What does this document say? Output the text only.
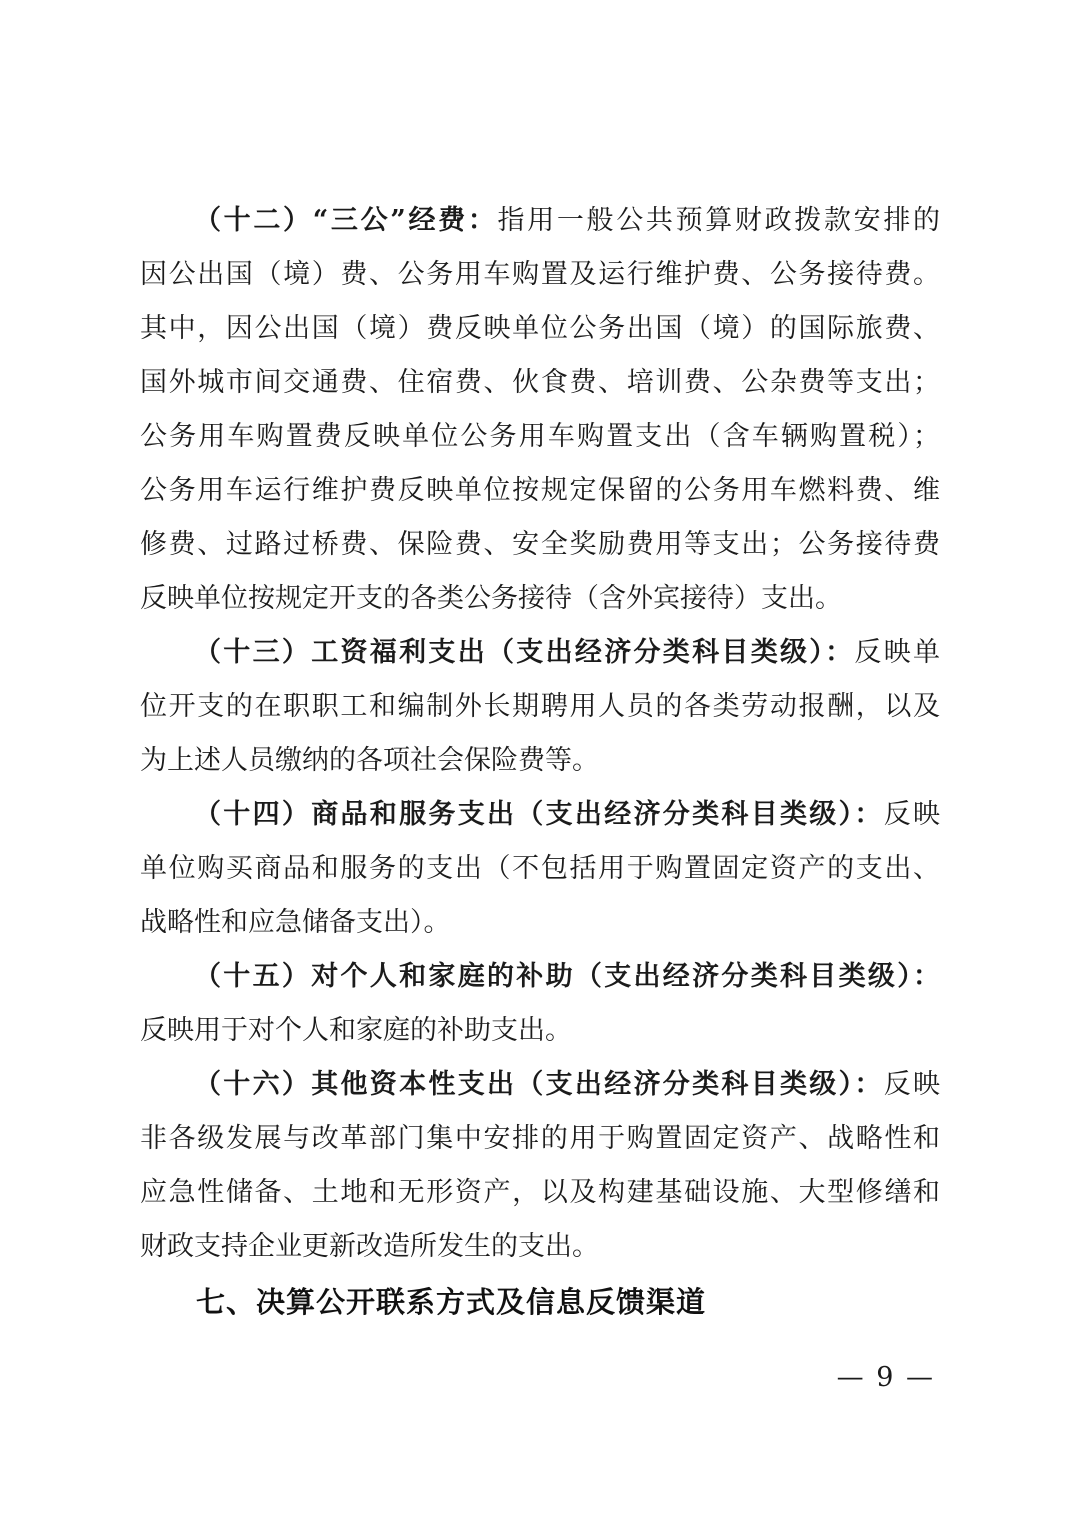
（十二）“三公”经费：指用一般公共预算财政拨款安排的
因公出国（境）费、公务用车购置及运行维护费、公务接待费。
其中，因公出国（境）费反映单位公务出国（境）的国际旅费、
国外城市间交通费、住宿费、伙食费、培训费、公杂费等支出；
公务用车购置费反映单位公务用车购置支出（含车辆购置税）；
公务用车运行维护费反映单位按规定保留的公务用车燃料费、维
修费、过路过桥费、保险费、安全奖励费用等支出；公务接待费
反映单位按规定开支的各类公务接待（含外宾接待）支出。
（十三）工资福利支出（支出经济分类科目类级）：反映单
位开支的在职职工和编制外长期聘用人员的各类劳动报酬，以及
为上述人员缴纳的各项社会保险费等。
（十四）商品和服务支出（支出经济分类科目类级）：反映
单位购买商品和服务的支出（不包括用于购置固定资产的支出、
战略性和应急储备支出）。
（十五）对个人和家庭的补助（支出经济分类科目类级）：
反映用于对个人和家庭的补助支出。
（十六）其他资本性支出（支出经济分类科目类级）：反映
非各级发展与改革部门集中安排的用于购置固定资产、战略性和
应急性储备、土地和无形资产，以及构建基础设施、大型修缮和
财政支持企业更新改造所发生的支出。
七、决算公开联系方式及信息反馈渠道
— 9 —
